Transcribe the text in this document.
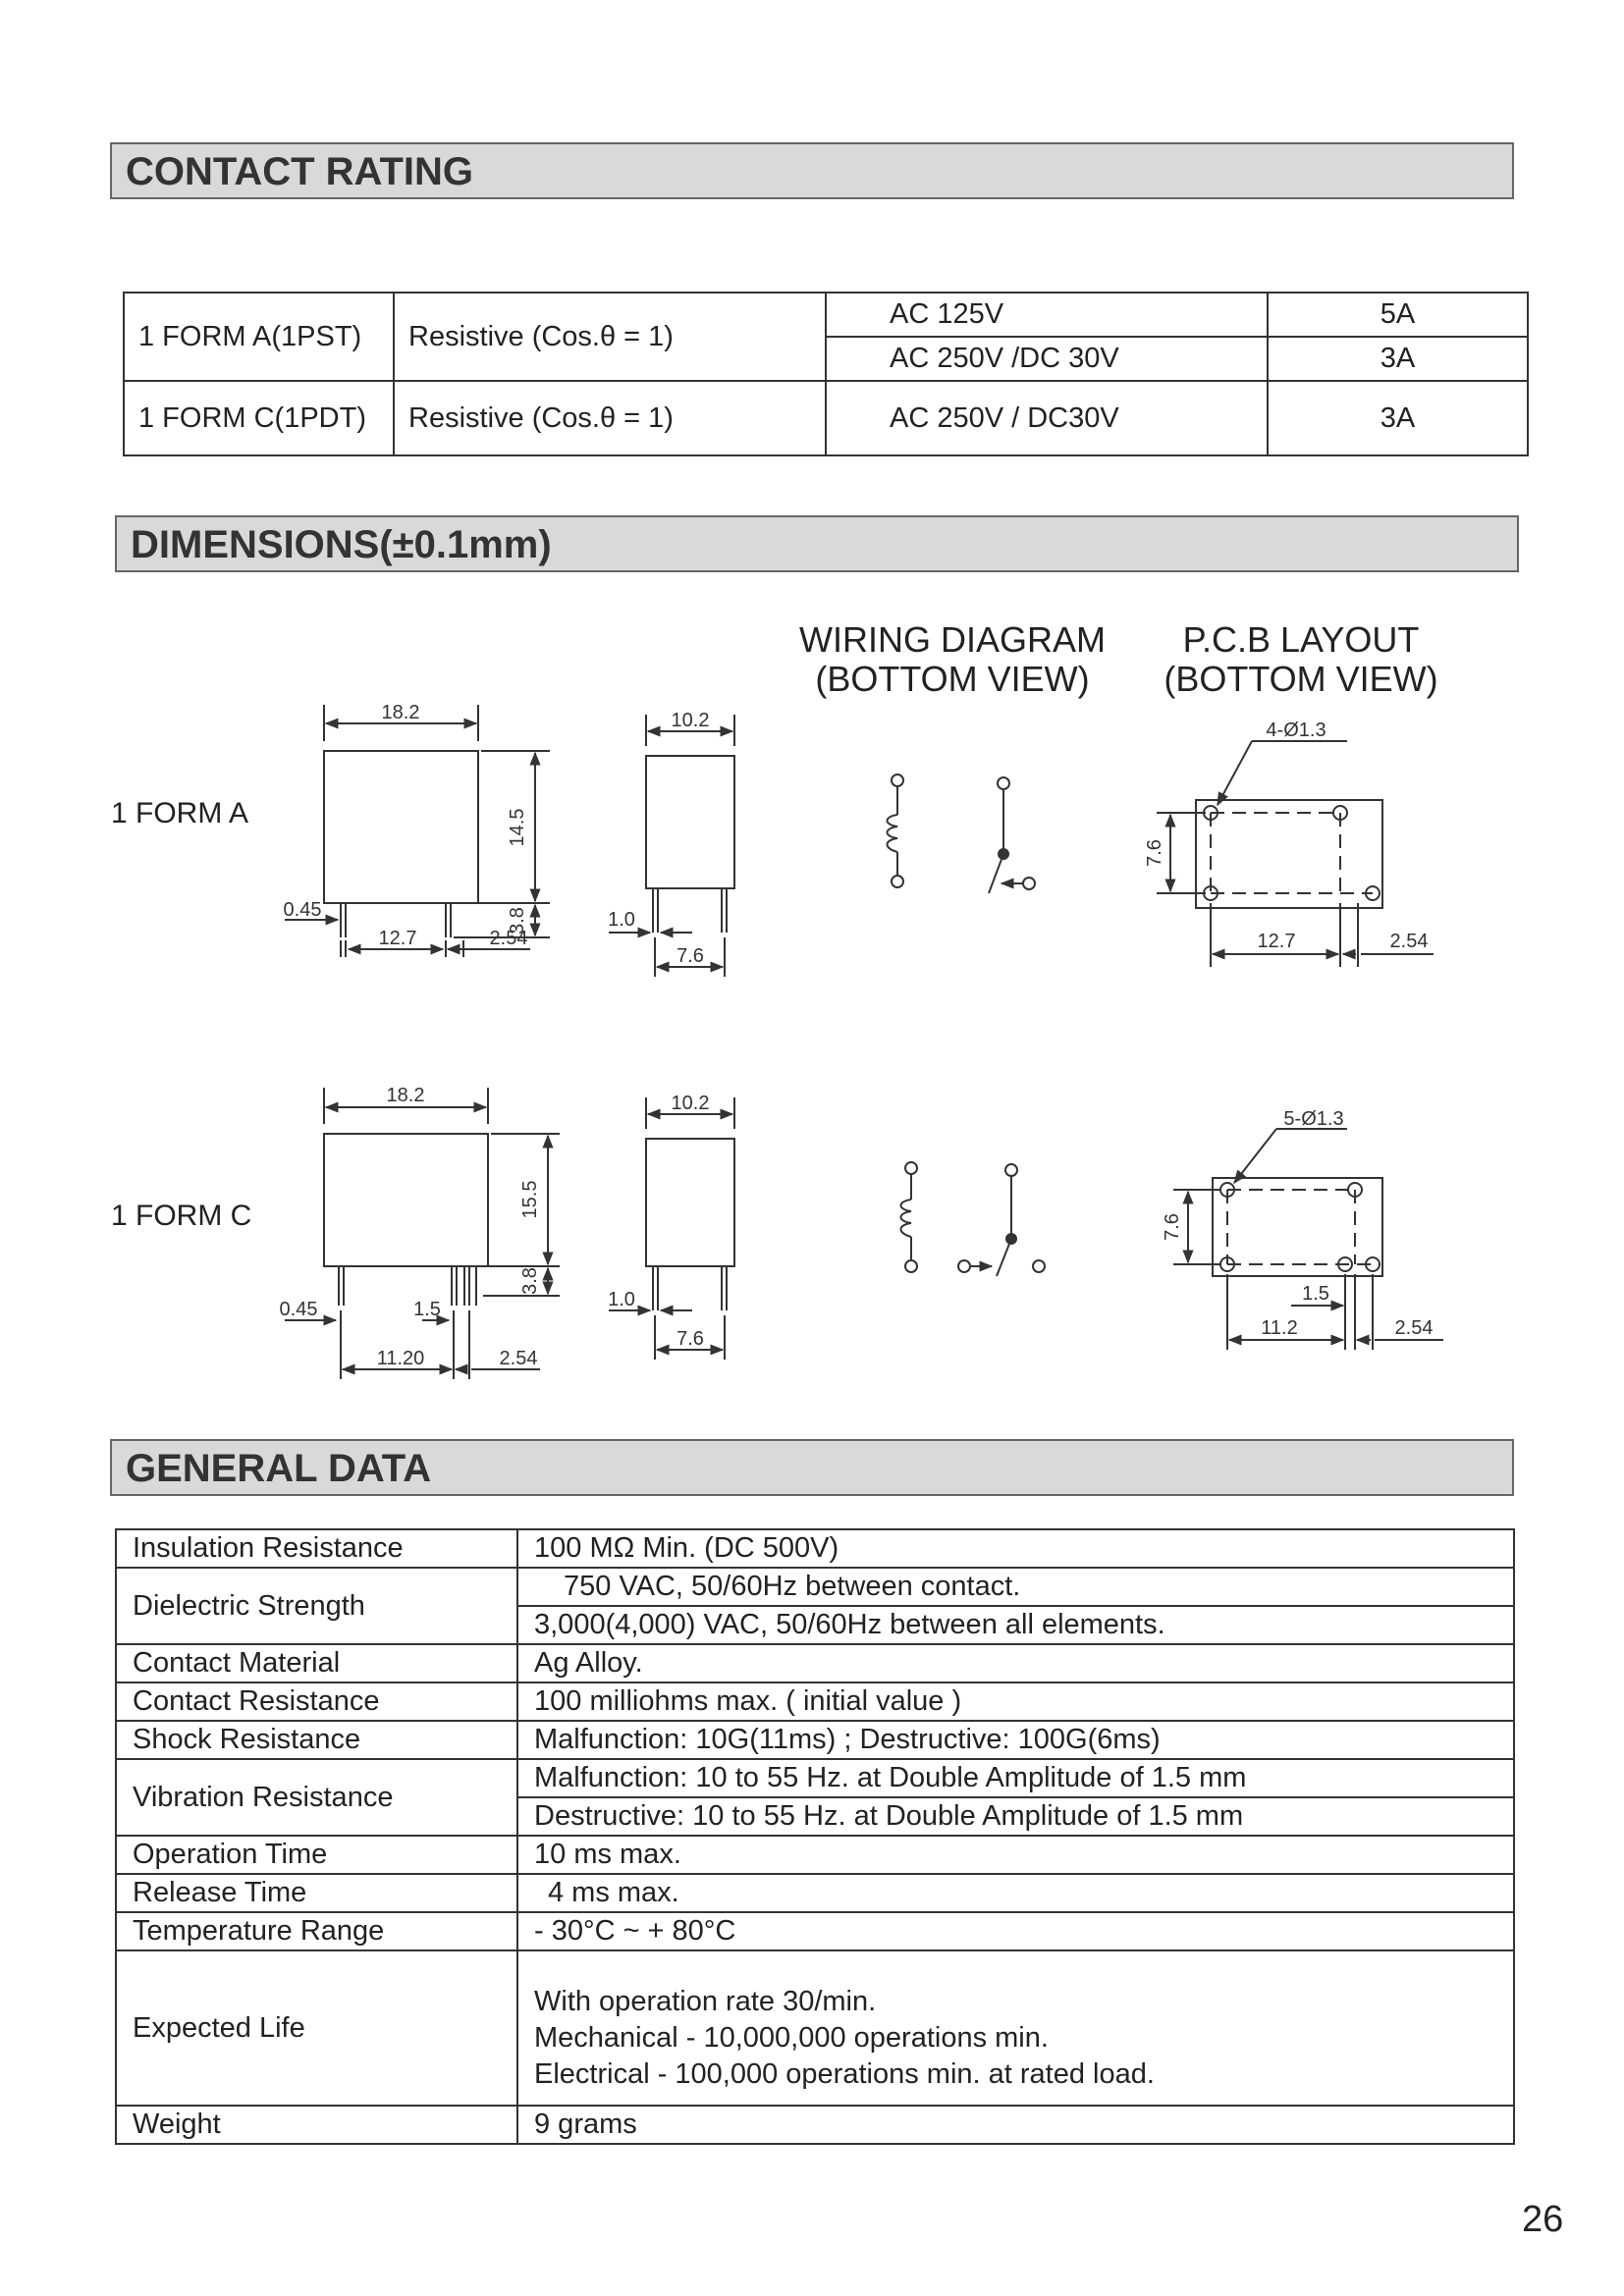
CONTACT RATING
DIMENSIONS(±0.1mm)
GENERAL DATA
1 FORM A(1PST)	Resistive (Cos.θ = 1)	AC 125V	5A
		AC 250V /DC 30V	3A
1 FORM C(1PDT)	Resistive (Cos.θ = 1)	AC 250V / DC30V	3A
WIRING DIAGRAM
(BOTTOM VIEW)
P.C.B LAYOUT
(BOTTOM VIEW)
1 FORM A
1 FORM C
18.2
14.5
3.8
0.45
12.7	2.54
10.2
1.0
7.6
4-Ø1.3
7.6
12.7	2.54
18.2
15.5
3.8
0.45	1.5
11.20	2.54
10.2
1.0
7.6
5-Ø1.3
7.6
1.5
11.2	2.54
Insulation Resistance	100 MΩ Min. (DC 500V)
Dielectric Strength	750 VAC, 50/60Hz between contact.
	3,000(4,000) VAC, 50/60Hz between all elements.
Contact Material	Ag Alloy.
Contact Resistance	100 milliohms max. ( initial value )
Shock Resistance	Malfunction: 10G(11ms) ; Destructive: 100G(6ms)
Vibration Resistance	Malfunction: 10 to 55 Hz. at Double Amplitude of 1.5 mm
	Destructive: 10 to 55 Hz. at Double Amplitude of 1.5 mm
Operation Time	10 ms max.
Release Time	4 ms max.
Temperature Range	- 30°C ~ + 80°C
Expected Life	With operation rate 30/min.
Mechanical - 10,000,000 operations min.
Electrical - 100,000 operations min. at rated load.

Weight	9 grams
26
